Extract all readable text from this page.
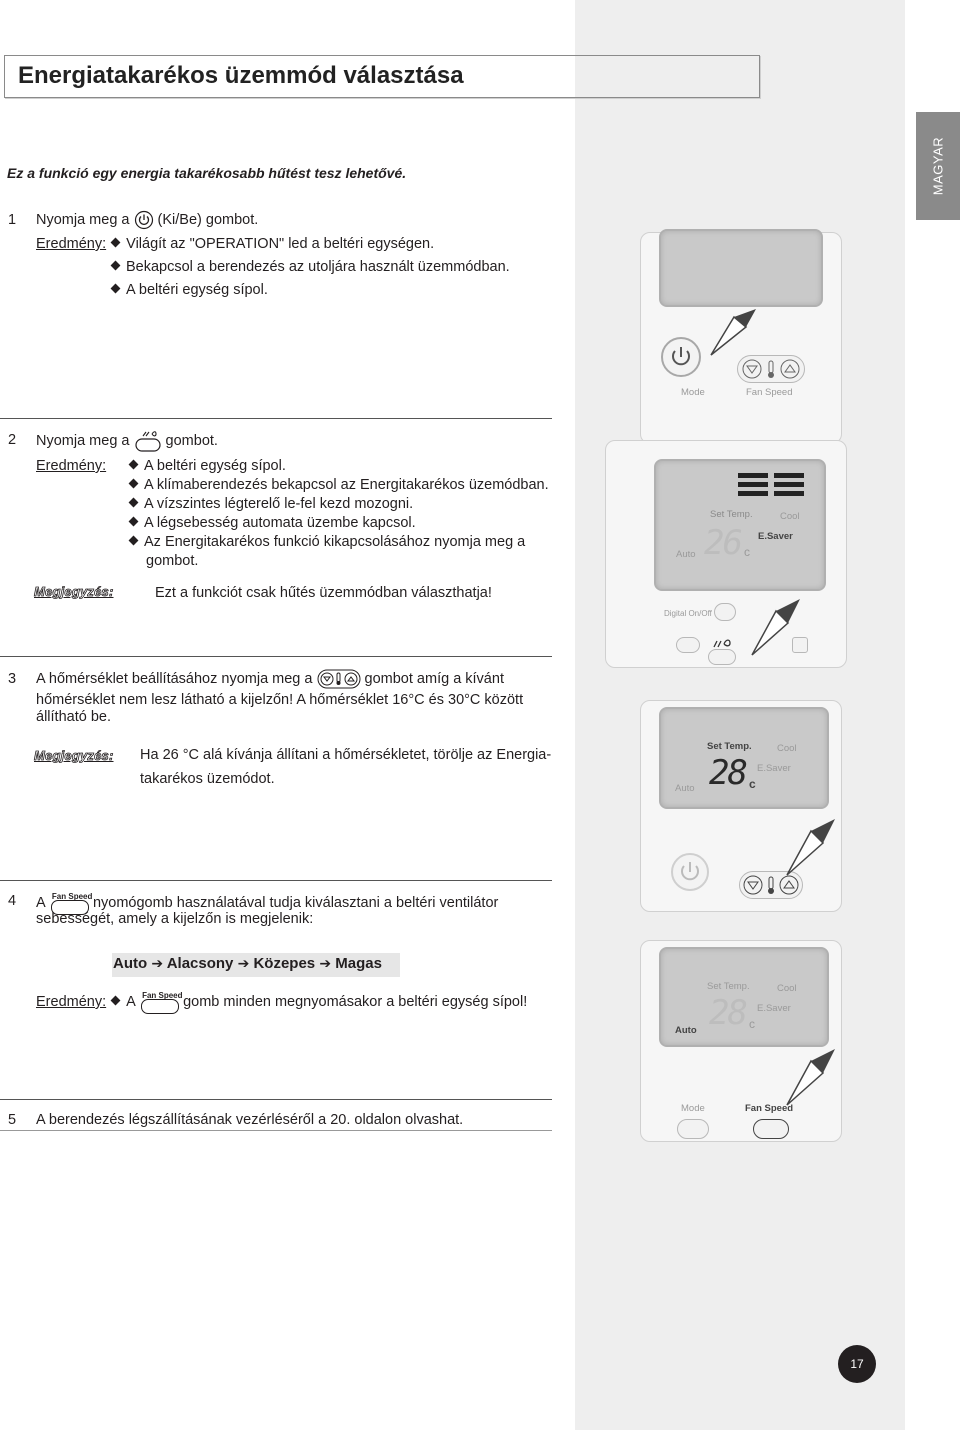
MAGYAR
Energiatakarékos üzemmód választása
Ez a funkció egy energia takarékosabb hűtést tesz lehetővé.
1 Nyomja meg a (Ki/Be) gombot.
Eredmény: Világít az "OPERATION" led a beltéri egységen.
Bekapcsol a berendezés az utoljára használt üzemmódban.
A beltéri egység sípol.
Mode	Fan Speed
2 Nyomja meg a gombot.
Eredmény:	A beltéri egység sípol.
A klímaberendezés bekapcsol az Energitakarékos üzemódban.
A vízszintes légterelő le-fel kezd mozogni.
A légsebesség automata üzembe kapcsol.
Az Energitakarékos funkció kikapcsolásához nyomja meg a
gombot.
Megjegyzés:	Ezt a funkciót csak hűtés üzemmódban választhatja!
Set Temp.	Cool
26 c
E.Saver
Auto
Digital On/Off
3 A hőmérséklet beállításához nyomja meg a	gombot amíg a kívánt
hőmérséklet nem lesz látható a kijelzőn! A hőmérséklet 16°C és 30°C között
állítható be.
Megjegyzés: Ha 26 °C alá kívánja állítani a hőmérsékletet, törölje az Energia-
takarékos üzemódot.
Set Temp.	Cool
28 c
E.Saver
Auto
4 A Fan Speed nyomógomb használatával tudja kiválasztani a beltéri ventilátor
sebességét, amely a kijelzőn is megjelenik:
Auto ➔ Alacsony ➔ Közepes ➔ Magas
Eredmény: A Fan Speed gomb minden megnyomásakor a beltéri egység sípol!
Set Temp.	Cool
28 c
E.Saver
Auto
Mode	Fan Speed
5 A berendezés légszállításának vezérléséről a 20. oldalon olvashat.
17
